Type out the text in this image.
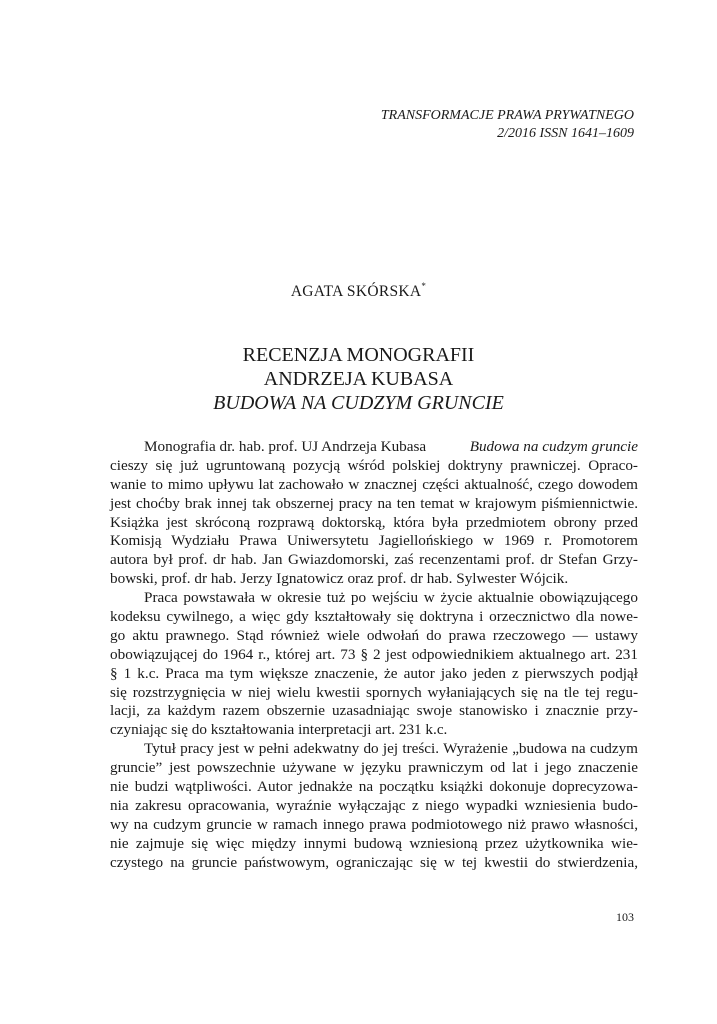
TRANSFORMACJE PRAWA PRYWATNEGO
2/2016 ISSN 1641–1609
AGATA SKÓRSKA*
RECENZJA MONOGRAFII
ANDRZEJA KUBASA
BUDOWA NA CUDZYM GRUNCIE
Monografia dr. hab. prof. UJ Andrzeja Kubasa	Budowa na cudzym gruncie
cieszy się już ugruntowaną pozycją wśród polskiej doktryny prawniczej. Opraco-
wanie to mimo upływu lat zachowało w znacznej części aktualność, czego dowodem
jest choćby brak innej tak obszernej pracy na ten temat w krajowym piśmiennictwie.
Książka jest skróconą rozprawą doktorską, która była przedmiotem obrony przed
Komisją Wydziału Prawa Uniwersytetu Jagiellońskiego w 1969 r. Promotorem
autora był prof. dr hab. Jan Gwiazdomorski, zaś recenzentami prof. dr Stefan Grzy-
bowski, prof. dr hab. Jerzy Ignatowicz oraz prof. dr hab. Sylwester Wójcik.
Praca powstawała w okresie tuż po wejściu w życie aktualnie obowiązującego
kodeksu cywilnego, a więc gdy kształtowały się doktryna i orzecznictwo dla nowe-
go aktu prawnego. Stąd również wiele odwołań do prawa rzeczowego — ustawy
obowiązującej do 1964 r., której art. 73 § 2 jest odpowiednikiem aktualnego art. 231
§ 1 k.c. Praca ma tym większe znaczenie, że autor jako jeden z pierwszych podjął
się rozstrzygnięcia w niej wielu kwestii spornych wyłaniających się na tle tej regu-
lacji, za każdym razem obszernie uzasadniając swoje stanowisko i znacznie przy-
czyniając się do kształtowania interpretacji art. 231 k.c.
Tytuł pracy jest w pełni adekwatny do jej treści. Wyrażenie „budowa na cudzym
gruncie” jest powszechnie używane w języku prawniczym od lat i jego znaczenie
nie budzi wątpliwości. Autor jednakże na początku książki dokonuje doprecyzowa-
nia zakresu opracowania, wyraźnie wyłączając z niego wypadki wzniesienia budo-
wy na cudzym gruncie w ramach innego prawa podmiotowego niż prawo własności,
nie zajmuje się więc między innymi budową wzniesioną przez użytkownika wie-
czystego na gruncie państwowym, ograniczając się w tej kwestii do stwierdzenia,
103
